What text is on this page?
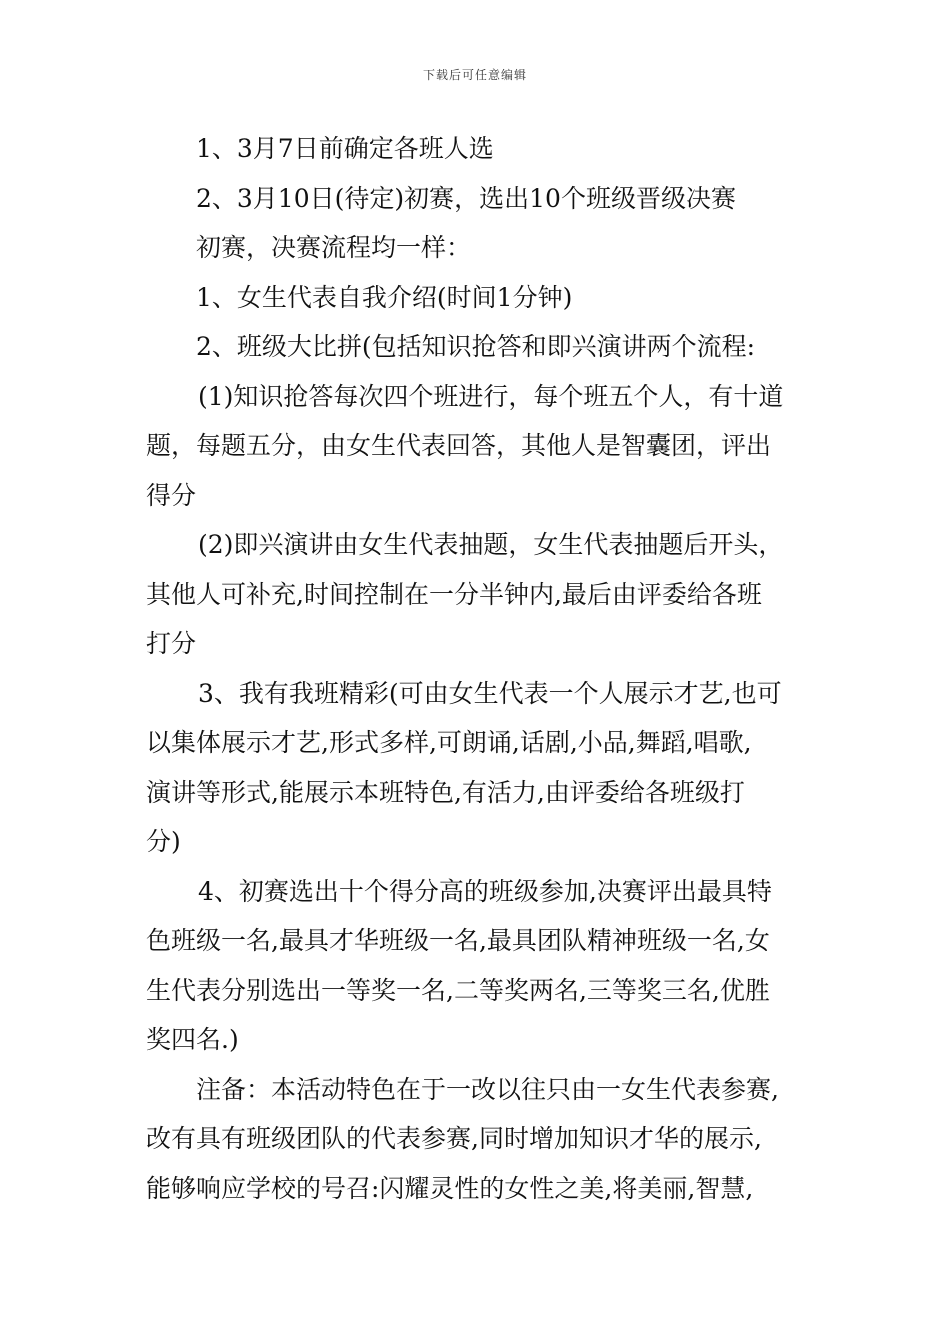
下载后可任意编辑

1、3月7日前确定各班人选

2、3月10日(待定)初赛，选出10个班级晋级决赛

初赛，决赛流程均一样：

1、女生代表自我介绍(时间1分钟)

2、班级大比拼(包括知识抢答和即兴演讲两个流程:

(1)知识抢答每次四个班进行，每个班五个人，有十道
题，每题五分，由女生代表回答，其他人是智囊团，评出
得分
(2)即兴演讲由女生代表抽题，女生代表抽题后开头，
其他人可补充,时间控制在一分半钟内,最后由评委给各班
打分
3、我有我班精彩(可由女生代表一个人展示才艺,也可
以集体展示才艺,形式多样,可朗诵,话剧,小品,舞蹈,唱歌,
演讲等形式,能展示本班特色,有活力,由评委给各班级打
分)
4、初赛选出十个得分高的班级参加,决赛评出最具特
色班级一名,最具才华班级一名,最具团队精神班级一名,女
生代表分别选出一等奖一名,二等奖两名,三等奖三名,优胜
奖四名.)
注备：本活动特色在于一改以往只由一女生代表参赛,
改有具有班级团队的代表参赛,同时增加知识才华的展示,
能够响应学校的号召:闪耀灵性的女性之美,将美丽,智慧,
